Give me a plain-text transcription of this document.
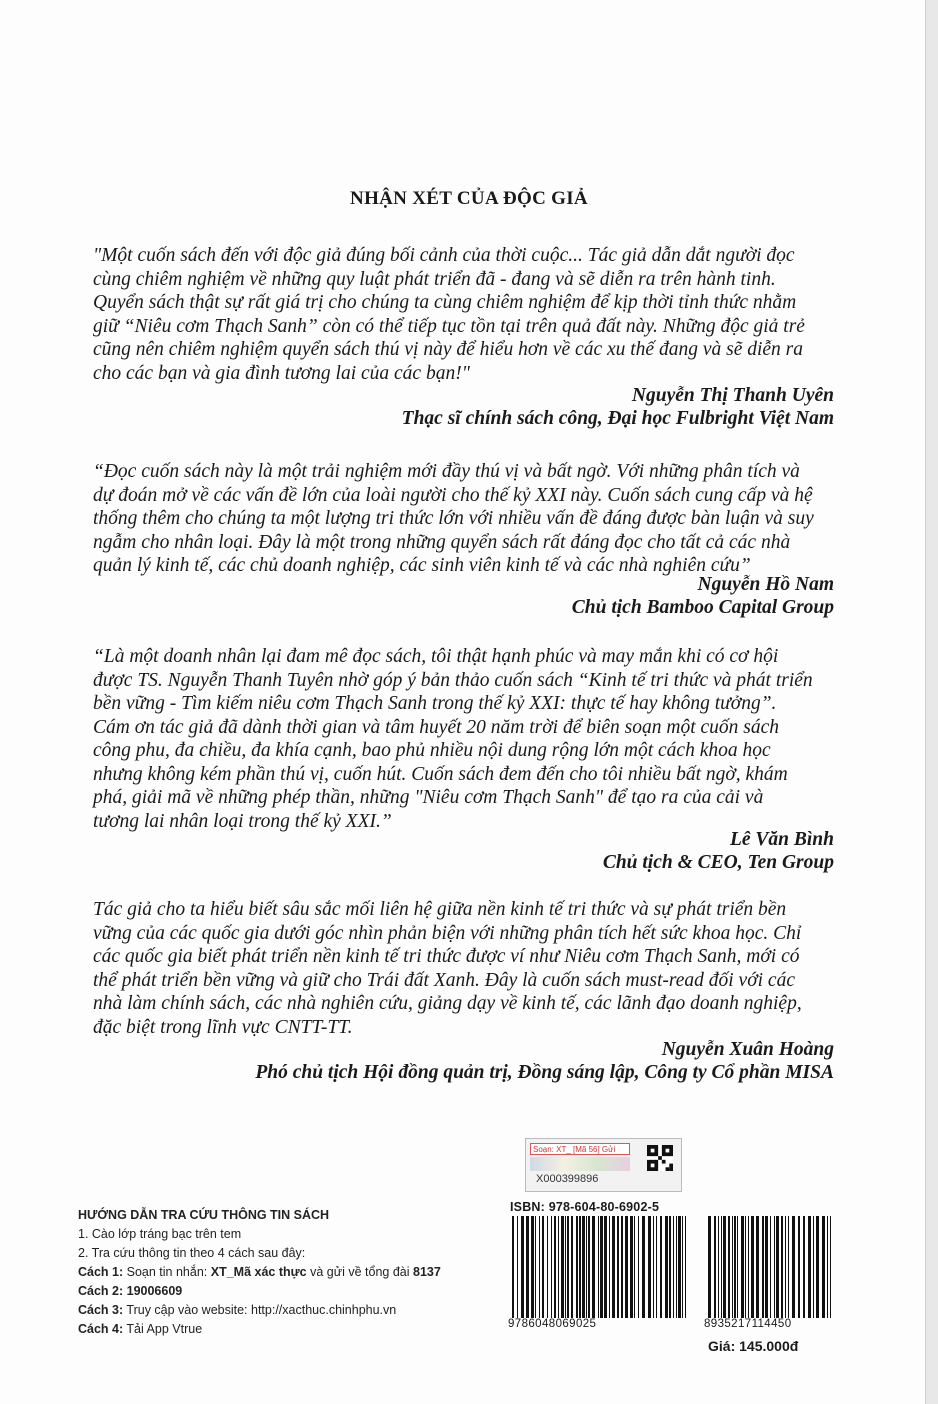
NHẬN XÉT CỦA ĐỘC GIẢ
"Một cuốn sách đến với độc giả đúng bối cảnh của thời cuộc... Tác giả dẫn dắt người đọc
cùng chiêm nghiệm về những quy luật phát triển đã - đang và sẽ diễn ra trên hành tinh.
Quyển sách thật sự rất giá trị cho chúng ta cùng chiêm nghiệm để kịp thời tỉnh thức nhằm
giữ “Niêu cơm Thạch Sanh” còn có thể tiếp tục tồn tại trên quả đất này. Những độc giả trẻ
cũng nên chiêm nghiệm quyển sách thú vị này để hiểu hơn về các xu thế đang và sẽ diễn ra
cho các bạn và gia đình tương lai của các bạn!"
Nguyễn Thị Thanh Uyên
Thạc sĩ chính sách công, Đại học Fulbright Việt Nam
“Đọc cuốn sách này là một trải nghiệm mới đầy thú vị và bất ngờ. Với những phân tích và
dự đoán mở về các vấn đề lớn của loài người cho thế kỷ XXI này. Cuốn sách cung cấp và hệ
thống thêm cho chúng ta một lượng tri thức lớn với nhiều vấn đề đáng được bàn luận và suy
ngẫm cho nhân loại. Đây là một trong những quyển sách rất đáng đọc cho tất cả các nhà
quản lý kinh tế, các chủ doanh nghiệp, các sinh viên kinh tế và các nhà nghiên cứu”
Nguyễn Hồ Nam
Chủ tịch Bamboo Capital Group
“Là một doanh nhân lại đam mê đọc sách, tôi thật hạnh phúc và may mắn khi có cơ hội
được TS. Nguyễn Thanh Tuyên nhờ góp ý bản thảo cuốn sách “Kinh tế tri thức và phát triển
bền vững - Tìm kiếm niêu cơm Thạch Sanh trong thế kỷ XXI: thực tế hay không tưởng”.
Cám ơn tác giả đã dành thời gian và tâm huyết 20 năm trời để biên soạn một cuốn sách
công phu, đa chiều, đa khía cạnh, bao phủ nhiều nội dung rộng lớn một cách khoa học
nhưng không kém phần thú vị, cuốn hút. Cuốn sách đem đến cho tôi nhiều bất ngờ, khám
phá, giải mã về những phép thần, những "Niêu cơm Thạch Sanh" để tạo ra của cải và
tương lai nhân loại trong thế kỷ XXI.”
Lê Văn Bình
Chủ tịch & CEO, Ten Group
Tác giả cho ta hiểu biết sâu sắc mối liên hệ giữa nền kinh tế tri thức và sự phát triển bền
vững của các quốc gia dưới góc nhìn phản biện với những phân tích hết sức khoa học. Chỉ
các quốc gia biết phát triển nền kinh tế tri thức được ví như Niêu cơm Thạch Sanh, mới có
thể phát triển bền vững và giữ cho Trái đất Xanh. Đây là cuốn sách must-read đối với các
nhà làm chính sách, các nhà nghiên cứu, giảng dạy về kinh tế, các lãnh đạo doanh nghiệp,
đặc biệt trong lĩnh vực CNTT-TT.
Nguyễn Xuân Hoàng
Phó chủ tịch Hội đồng quản trị, Đồng sáng lập, Công ty Cổ phần MISA
Soạn: XT_ [Mã 56] Gửi
X000399896
HƯỚNG DẪN TRA CỨU THÔNG TIN SÁCH
1. Cào lớp tráng bạc trên tem
2. Tra cứu thông tin theo 4 cách sau đây:
Cách 1: Soạn tin nhắn: XT_Mã xác thực và gửi về tổng đài 8137
Cách 2: 19006609
Cách 3: Truy cập vào website: http://xacthuc.chinhphu.vn
Cách 4: Tải App Vtrue
ISBN: 978-604-80-6902-5
9786048069025	8935217114450
Giá: 145.000đ
